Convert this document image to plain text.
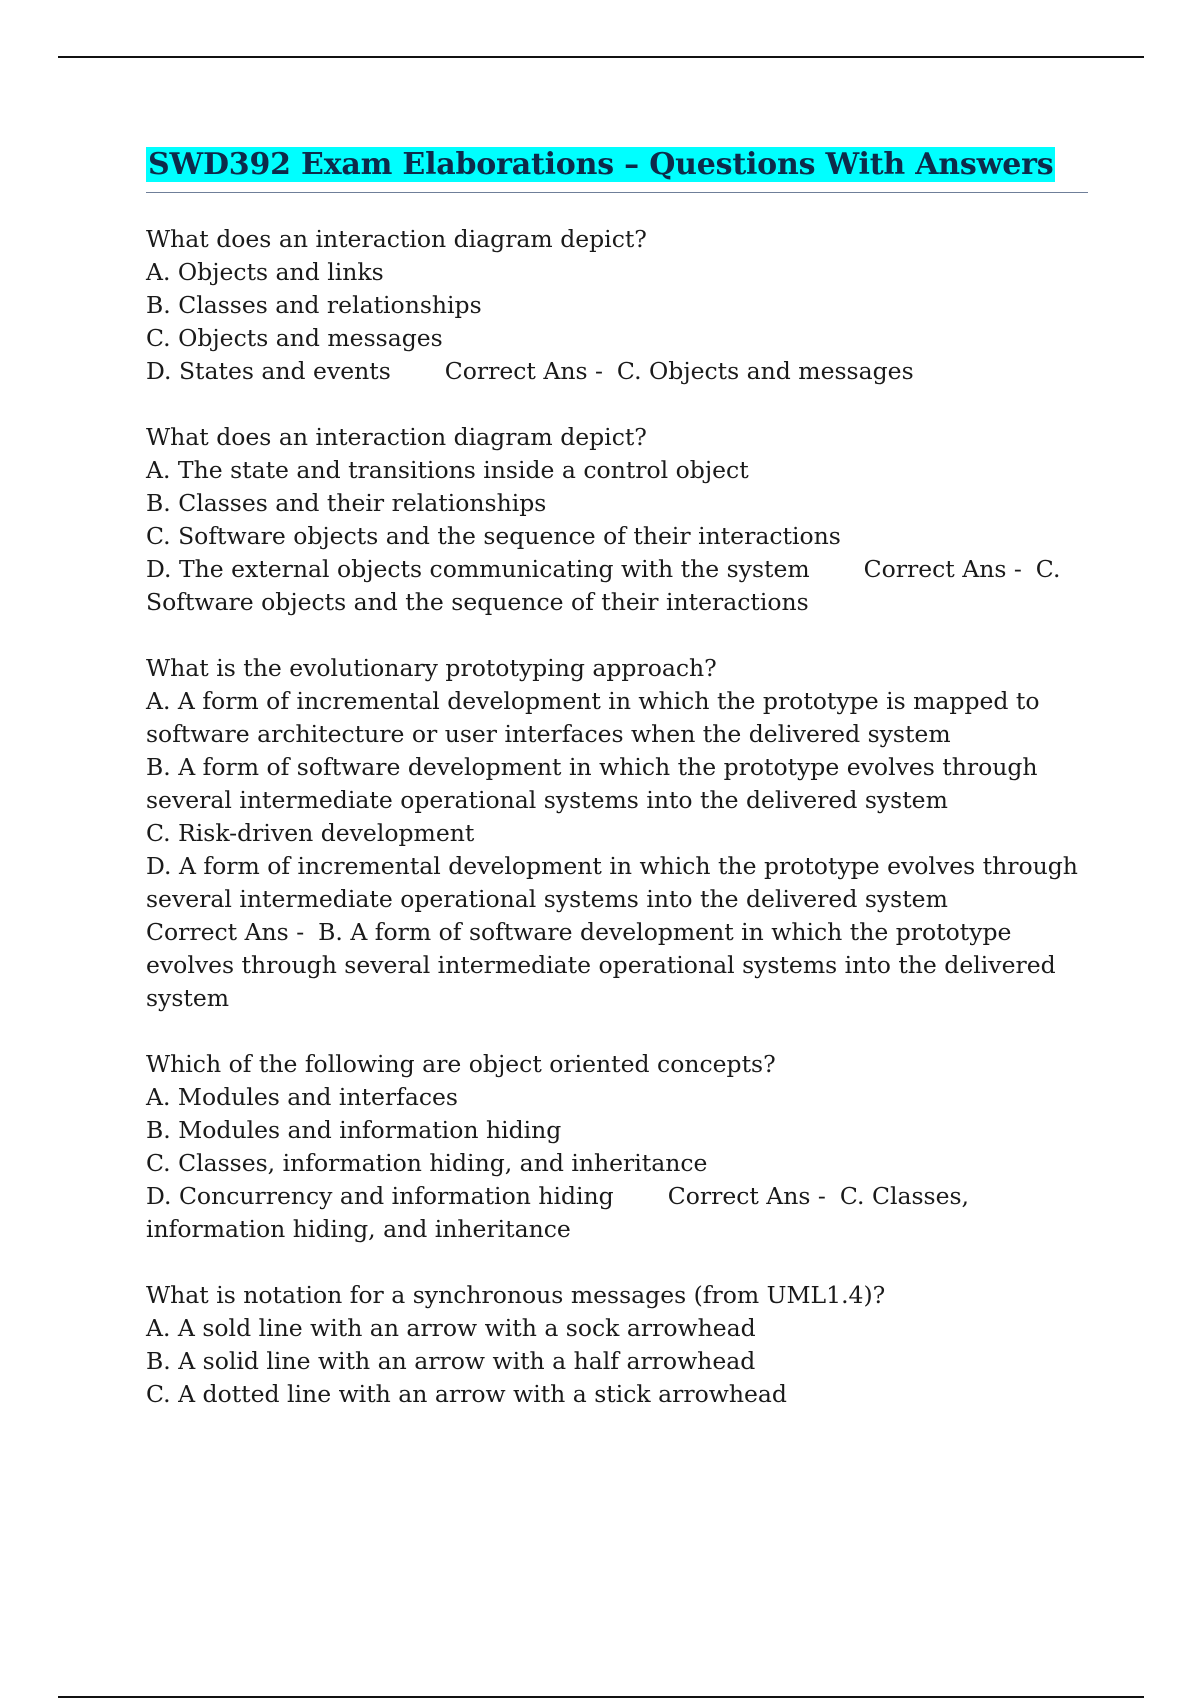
SWD392 Exam Elaborations – Questions With Answers
What does an interaction diagram depict?
A. Objects and links
B. Classes and relationships
C. Objects and messages
D. States and events Correct Ans - C. Objects and messages
What does an interaction diagram depict?
A. The state and transitions inside a control object
B. Classes and their relationships
C. Software objects and the sequence of their interactions
D. The external objects communicating with the system Correct Ans - C. Software objects and the sequence of their interactions
What is the evolutionary prototyping approach?
A. A form of incremental development in which the prototype is mapped to software architecture or user interfaces when the delivered system
B. A form of software development in which the prototype evolves through several intermediate operational systems into the delivered system
C. Risk-driven development
D. A form of incremental development in which the prototype evolves through several intermediate operational systems into the delivered system
Correct Ans - B. A form of software development in which the prototype evolves through several intermediate operational systems into the delivered system
Which of the following are object oriented concepts?
A. Modules and interfaces
B. Modules and information hiding
C. Classes, information hiding, and inheritance
D. Concurrency and information hiding Correct Ans - C. Classes, information hiding, and inheritance
What is notation for a synchronous messages (from UML1.4)?
A. A sold line with an arrow with a sock arrowhead
B. A solid line with an arrow with a half arrowhead
C. A dotted line with an arrow with a stick arrowhead
